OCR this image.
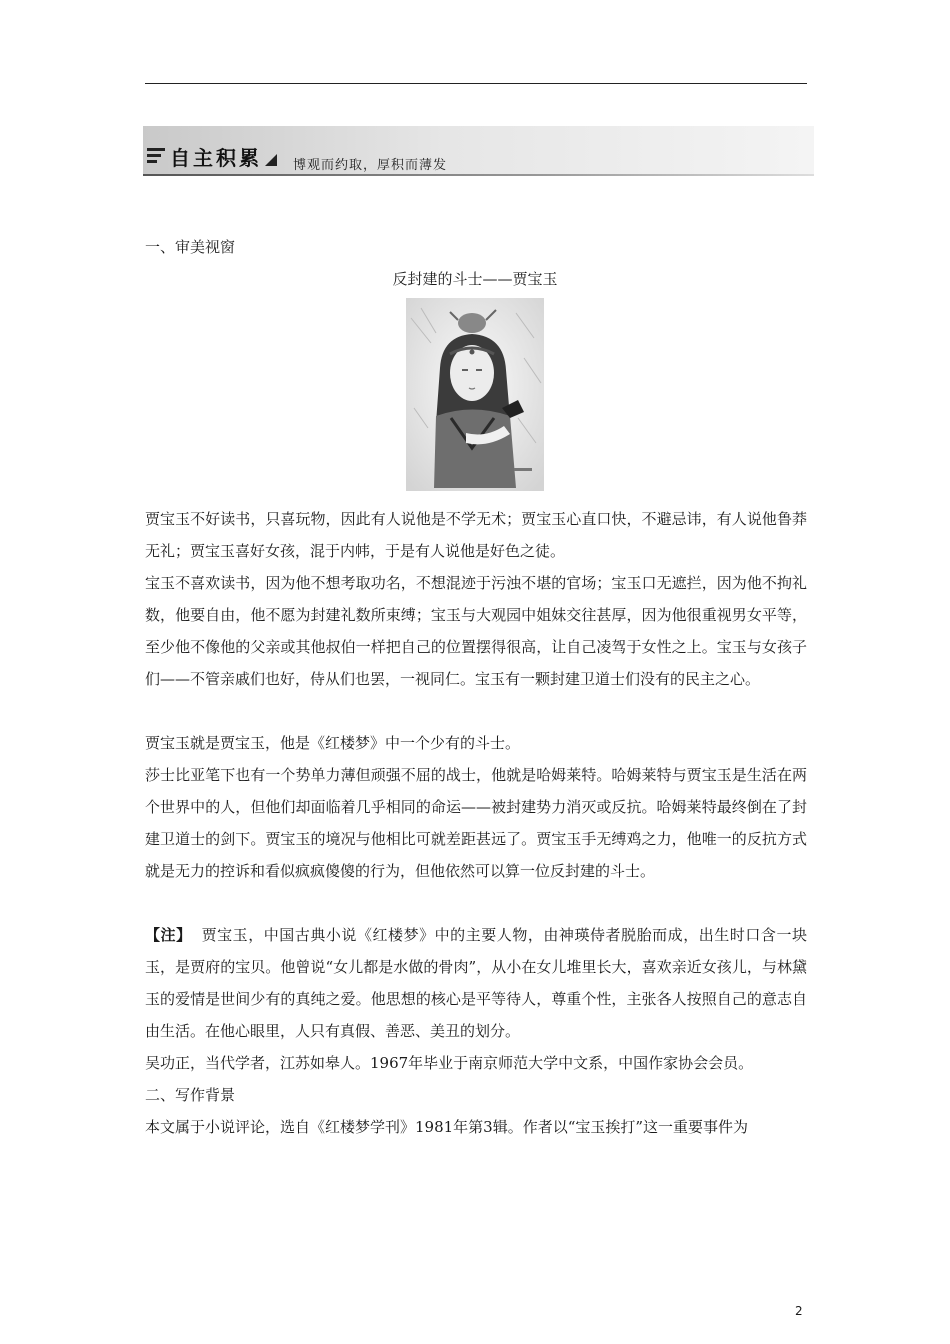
自主积累 博观而约取，厚积而薄发
一、审美视窗
反封建的斗士——贾宝玉
贾宝玉不好读书，只喜玩物，因此有人说他是不学无术；贾宝玉心直口快，不避忌讳，有人说他鲁莽无礼；贾宝玉喜好女孩，混于内帏，于是有人说他是好色之徒。
宝玉不喜欢读书，因为他不想考取功名，不想混迹于污浊不堪的官场；宝玉口无遮拦，因为他不拘礼数，他要自由，他不愿为封建礼数所束缚；宝玉与大观园中姐妹交往甚厚，因为他很重视男女平等，至少他不像他的父亲或其他叔伯一样把自己的位置摆得很高，让自己凌驾于女性之上。宝玉与女孩子们——不管亲戚们也好，侍从们也罢，一视同仁。宝玉有一颗封建卫道士们没有的民主之心。
贾宝玉就是贾宝玉，他是《红楼梦》中一个少有的斗士。
莎士比亚笔下也有一个势单力薄但顽强不屈的战士，他就是哈姆莱特。哈姆莱特与贾宝玉是生活在两个世界中的人，但他们却面临着几乎相同的命运——被封建势力消灭或反抗。哈姆莱特最终倒在了封建卫道士的剑下。贾宝玉的境况与他相比可就差距甚远了。贾宝玉手无缚鸡之力，他唯一的反抗方式就是无力的控诉和看似疯疯傻傻的行为，但他依然可以算一位反封建的斗士。
【注】 贾宝玉，中国古典小说《红楼梦》中的主要人物，由神瑛侍者脱胎而成，出生时口含一块玉，是贾府的宝贝。他曾说“女儿都是水做的骨肉”，从小在女儿堆里长大，喜欢亲近女孩儿，与林黛玉的爱情是世间少有的真纯之爱。他思想的核心是平等待人，尊重个性，主张各人按照自己的意志自由生活。在他心眼里，人只有真假、善恶、美丑的划分。
吴功正，当代学者，江苏如皋人。1967年毕业于南京师范大学中文系，中国作家协会会员。
二、写作背景
本文属于小说评论，选自《红楼梦学刊》1981年第3辑。作者以“宝玉挨打”这一重要事件为
2
